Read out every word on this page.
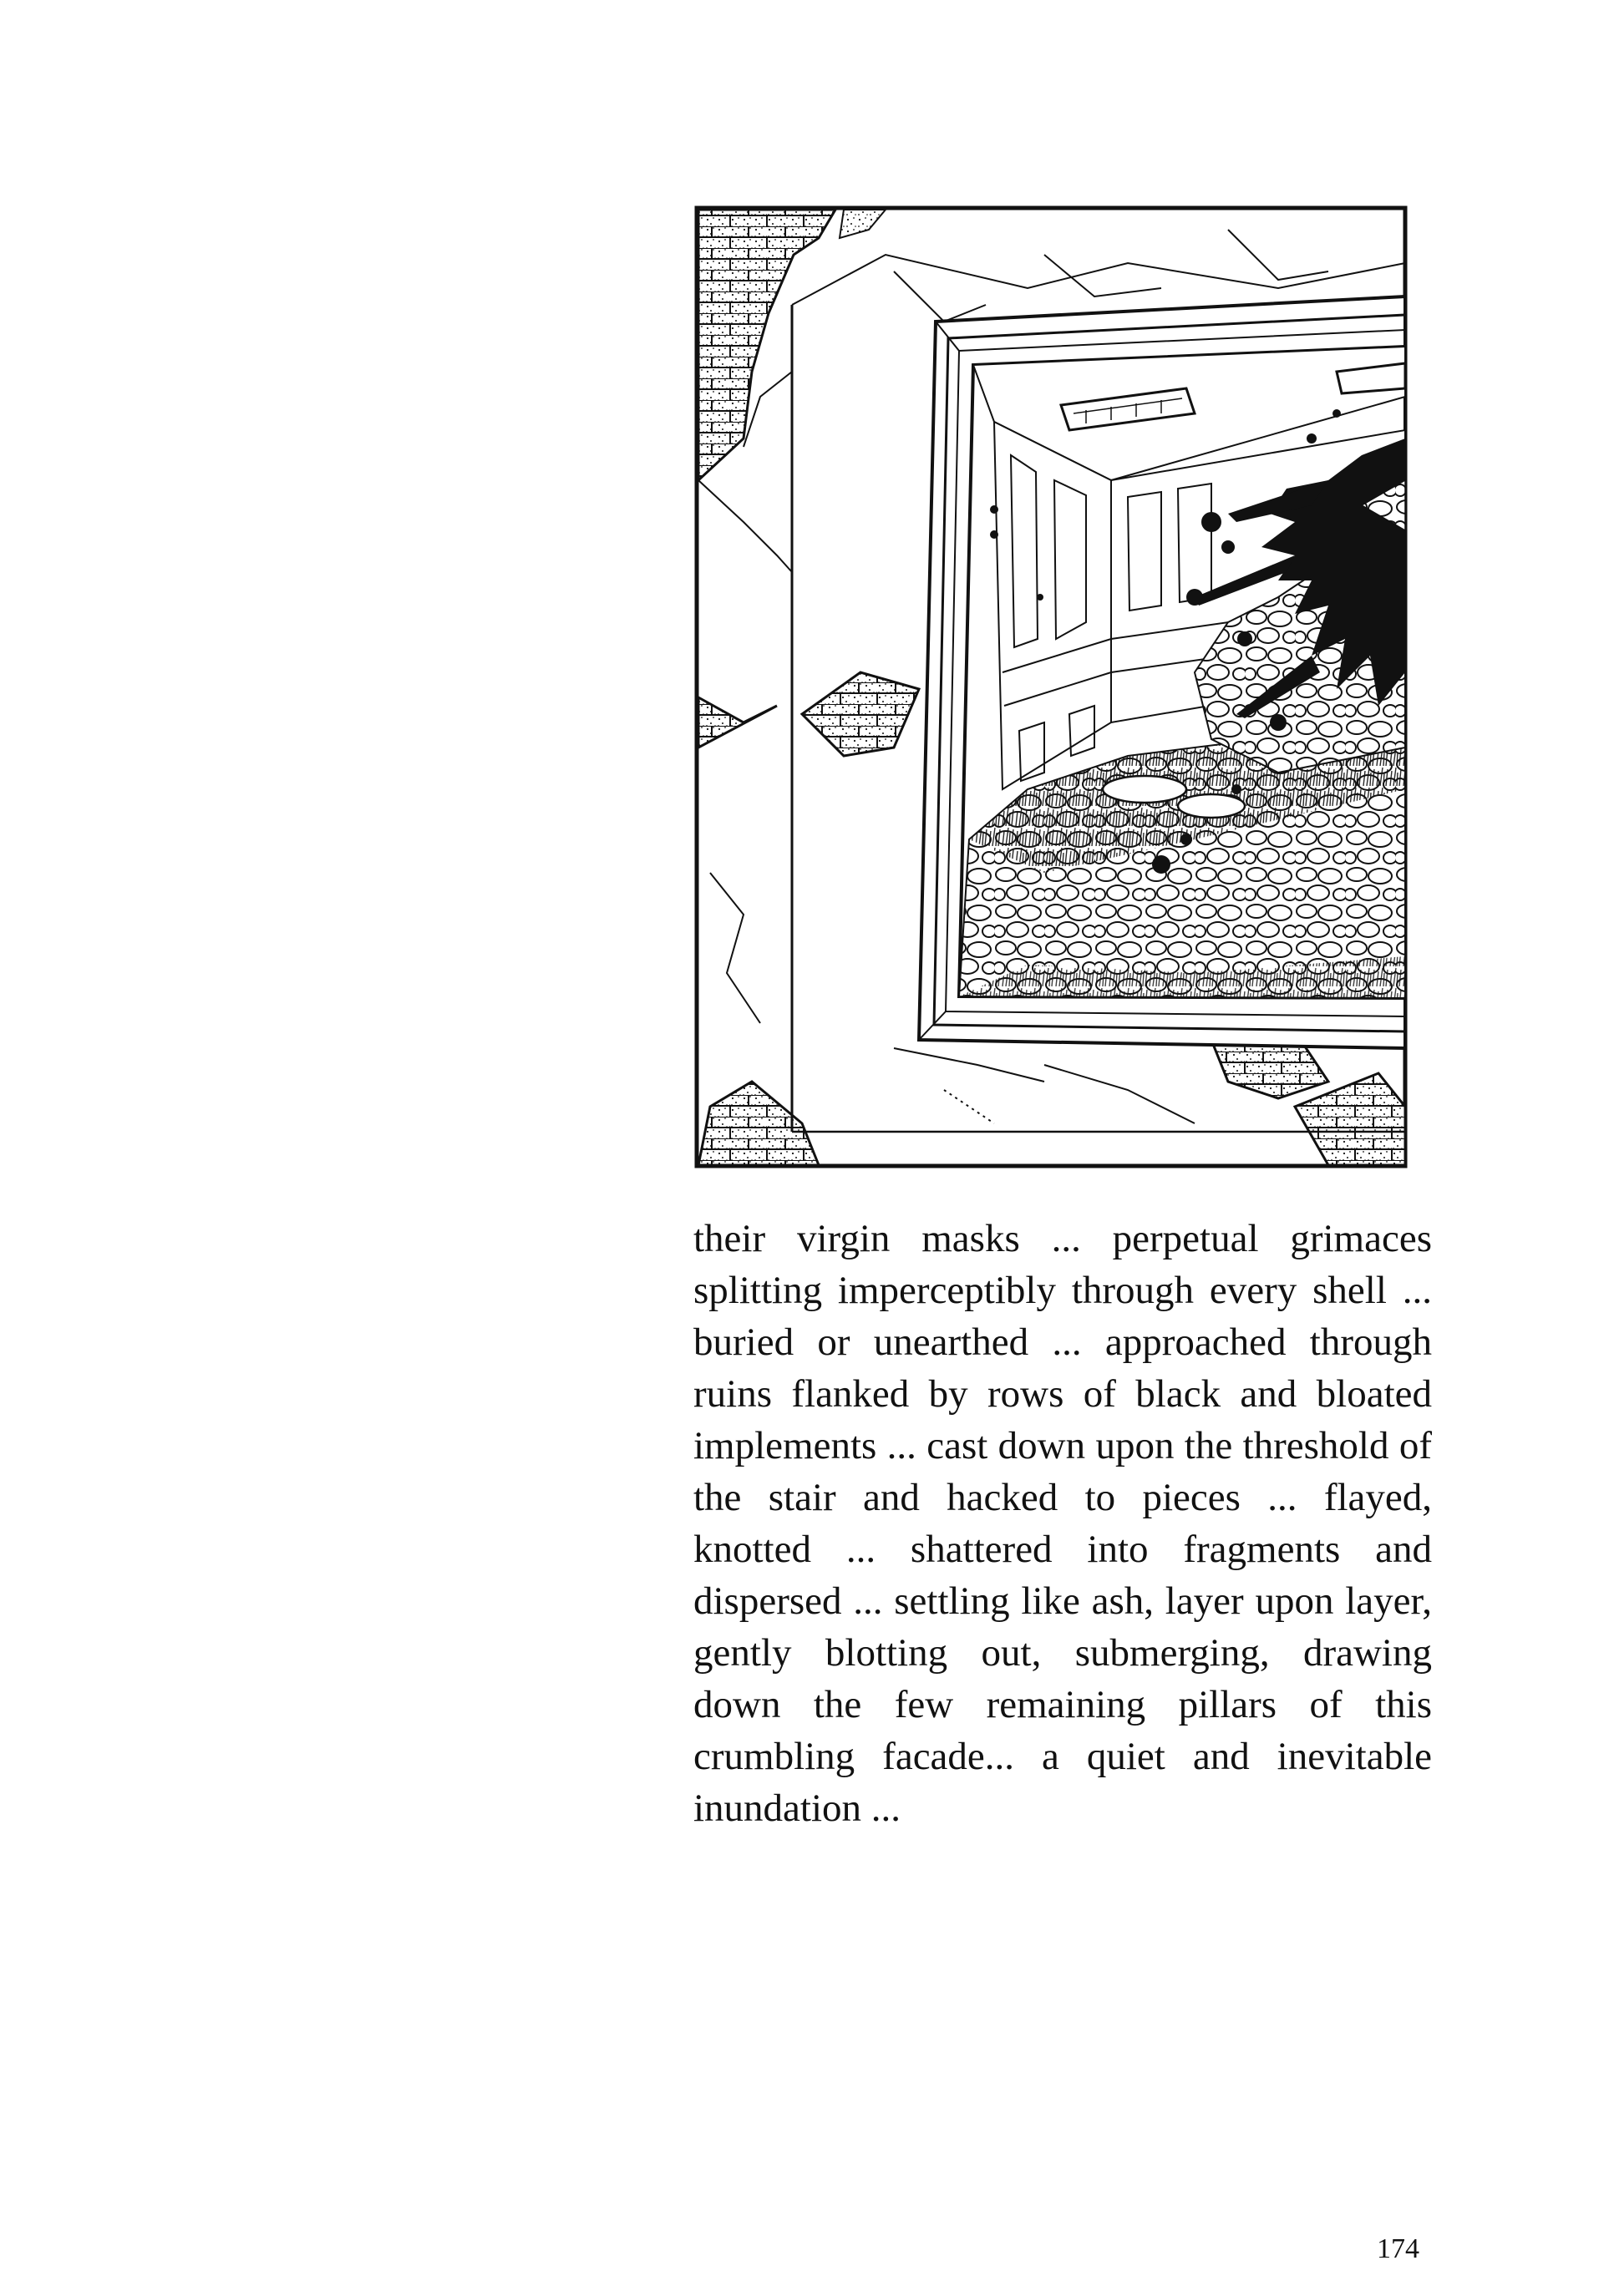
their virgin masks ... perpetual grimaces splitting imperceptibly through every shell ... buried or unearthed ... approached through ruins flanked by rows of black and bloated implements ... cast down upon the threshold of the stair and hacked to pieces ... flayed, knotted ... shattered into fragments and dispersed ... settling like ash, layer upon layer, gently blotting out, submerging, drawing down the few remaining pillars of this crumbling facade... a quiet and inevitable inundation ...

174
